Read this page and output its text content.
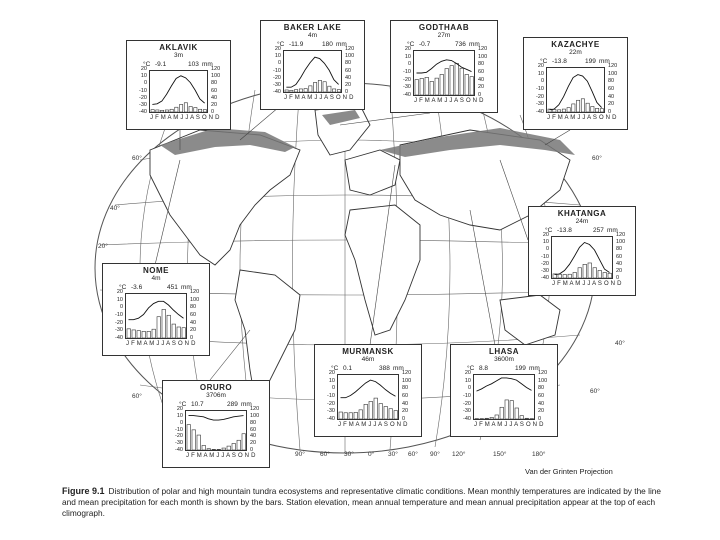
60°
40°
20°
60°
40°
60°
60°
90° 60° 30° 0° 30° 60° 90° 120°	150°	180°
AKLAVIK
3m
°C -9.1	103 mm
20
10
0
-10
-20
-30
-40
120
100
80
60
40
20
0
J F M A M J J A S O N D
BAKER LAKE
4m
°C -11.9	180 mm
20
10
0
-10
-20
-30
-40
120
100
80
60
40
20
0
J F M A M J J A S O N D
GODTHAAB
27m
°C -0.7	736 mm
20
10
0
-10
-20
-30
-40
120
100
80
60
40
20
0
J F M A M J J A S O N D
KAZACHYE
22m
°C -13.8	199 mm
20
10
0
-10
-20
-30
-40
120
100
80
60
40
20
0
J F M A M J J A S O N D
KHATANGA
24m
°C -13.8	257 mm
20
10
0
-10
-20
-30
-40
120
100
80
60
40
20
0
J F M A M J J A S O N D
NOME
4m
°C -3.6	451 mm
20
10
0
-10
-20
-30
-40
120
100
80
60
40
20
0
J F M A M J J A S O N D
MURMANSK
46m
°C 0.1	388 mm
20
10
0
-10
-20
-30
-40
120
100
80
60
40
20
0
J F M A M J J A S O N D
LHASA
3600m
°C 8.8	199 mm
20
10
0
-10
-20
-30
-40
120
100
80
60
40
20
0
J F M A M J J A S O N D
ORURO
3706m
°C 10.7	289 mm
20
10
0
-10
-20
-30
-40
120
100
80
60
40
20
0
J F M A M J J A S O N D
Van der Grinten Projection
Figure 9.1 Distribution of polar and high mountain tundra ecosystems and representative climatic conditions. Mean monthly temperatures are indicated by the line and mean precipitation for each month is shown by the bars. Station elevation, mean annual temperature and mean annual precipitation appear at the top of each climograph.
